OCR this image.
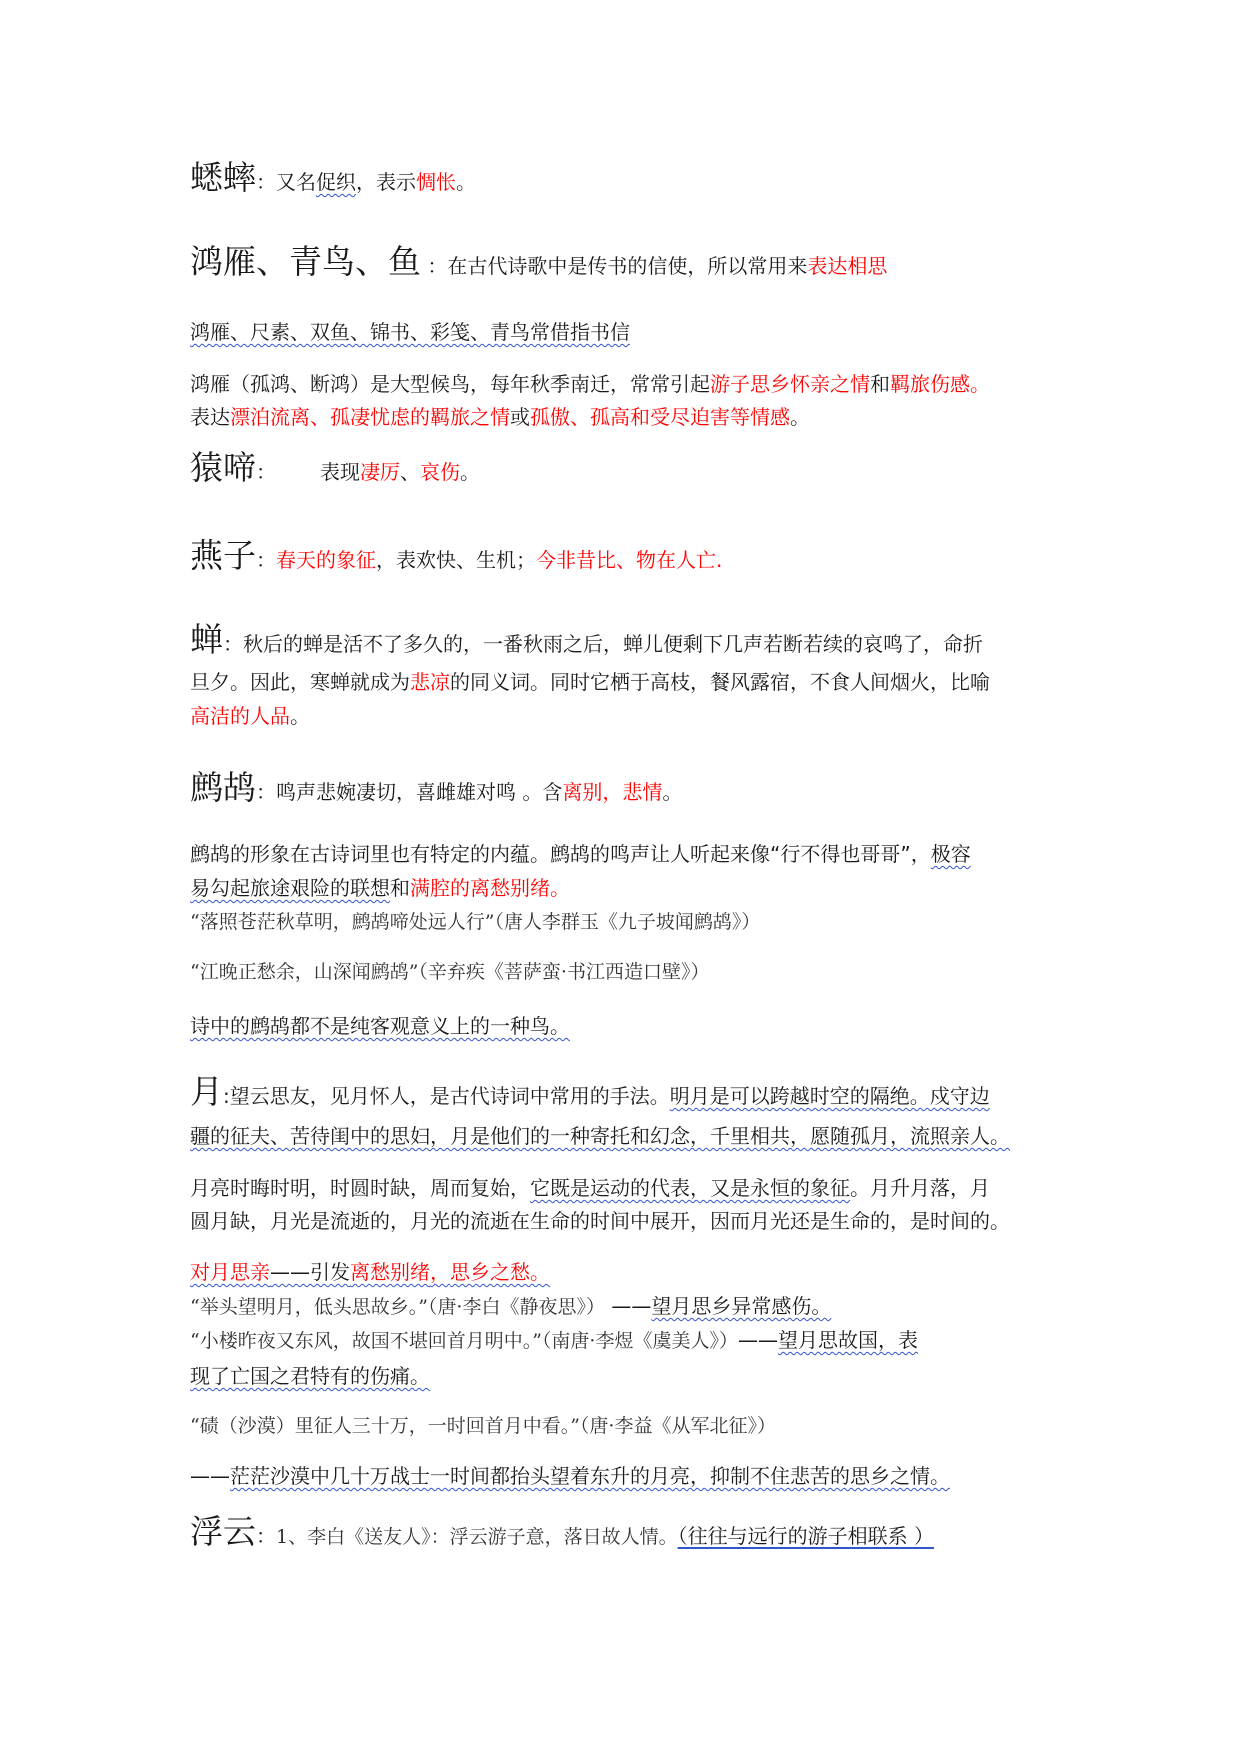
蟋蟀：又名促织，表示惆怅。
鸿雁、青鸟、鱼 ：在古代诗歌中是传书的信使，所以常用来表达相思
鸿雁、尺素、双鱼、锦书、彩笺、青鸟常借指书信
鸿雁（孤鸿、断鸿）是大型候鸟，每年秋季南迁，常常引起游子思乡怀亲之情和羁旅伤感。
表达漂泊流离、孤凄忧虑的羁旅之情或孤傲、孤高和受尽迫害等情感。
猿啼： 表现凄厉、哀伤。
燕子：春天的象征，表欢快、生机；今非昔比、物在人亡.
蝉：秋后的蝉是活不了多久的，一番秋雨之后，蝉儿便剩下几声若断若续的哀鸣了，命折
旦夕。因此，寒蝉就成为悲凉的同义词。同时它栖于高枝，餐风露宿，不食人间烟火，比喻
高洁的人品。
鹧鸪：鸣声悲婉凄切，喜雌雄对鸣 。含离别，悲情。
鹧鸪的形象在古诗词里也有特定的内蕴。鹧鸪的鸣声让人听起来像“行不得也哥哥”，极容
易勾起旅途艰险的联想和满腔的离愁别绪。
“落照苍茫秋草明，鹧鸪啼处远人行”（唐人李群玉《九子坡闻鹧鸪》）
“江晚正愁余，山深闻鹧鸪”（辛弃疾《菩萨蛮·书江西造口壁》）
诗中的鹧鸪都不是纯客观意义上的一种鸟。
月:望云思友，见月怀人，是古代诗词中常用的手法。明月是可以跨越时空的隔绝。戍守边
疆的征夫、苦待闺中的思妇，月是他们的一种寄托和幻念，千里相共，愿随孤月，流照亲人。
月亮时晦时明，时圆时缺，周而复始，它既是运动的代表，又是永恒的象征。月升月落，月
圆月缺，月光是流逝的，月光的流逝在生命的时间中展开，因而月光还是生命的，是时间的。
对月思亲——引发离愁别绪，思乡之愁。
“举头望明月，低头思故乡。”（唐·李白《静夜思》） ——望月思乡异常感伤。
“小楼昨夜又东风，故国不堪回首月明中。”（南唐·李煜《虞美人》）——望月思故国，表
现了亡国之君特有的伤痛。
“碛（沙漠）里征人三十万，一时回首月中看。”（唐·李益《从军北征》）
——茫茫沙漠中几十万战士一时间都抬头望着东升的月亮，抑制不住悲苦的思乡之情。
浮云：1、李白《送友人》：浮云游子意，落日故人情。（往往与远行的游子相联系 ）
